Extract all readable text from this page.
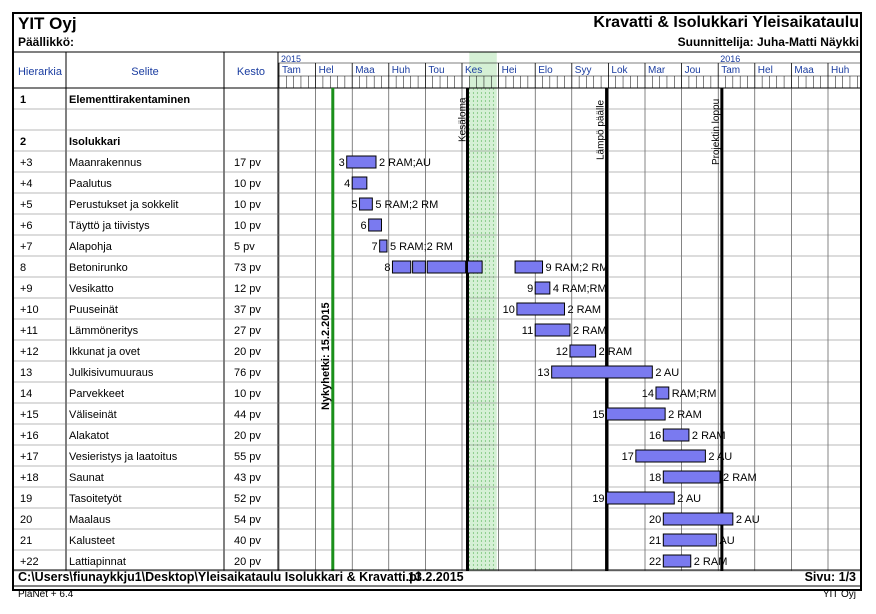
YIT Oyj
Päällikkö:
Kravatti & Isolukkari Yleisaikataulu
Suunnittelija: Juha-Matti Näykki
Hierarkia	Selite	Kesto
2015	2016
Tam Hel Maa Huh Tou Kes Hei Elo Syy Lok Mar Jou Tam Hel Maa Huh
1	Elementtirakentaminen
2	Isolukkari
+3	Maanrakennus	17 pv
+4	Paalutus	10 pv
+5	Perustukset ja sokkelit	10 pv
+6	Täyttö ja tiivistys	10 pv
+7	Alapohja	5 pv
8	Betonirunko	73 pv
+9	Vesikatto	12 pv
+10	Puuseinät	37 pv
+11	Lämmöneritys	27 pv
+12	Ikkunat ja ovet	20 pv
13	Julkisivumuuraus	76 pv
14	Parvekkeet	10 pv
+15	Väliseinät	44 pv
+16	Alakatot	20 pv
+17	Vesieristys ja laatoitus	55 pv
+18	Saunat	43 pv
19	Tasoitetyöt	52 pv
20	Maalaus	54 pv
21	Kalusteet	40 pv
+22	Lattiapinnat	20 pv
Nykyhetki: 15.2.2015
Kesäloma	Lämpö päälle	Projektin loppu
3	2 RAM;AU
4
5 5 RAM;2 RM
6
7 5 RAM;2 RM
8	9 RAM;2 RM
9 4 RAM;RM
10	2 RAM
11	2 RAM
12	2 RAM
13	2 AU
14 RAM;RM
15	2 RAM
16	2 RAM
17	2 AU
18	2 RAM
19	2 AU
20	2 AU
21	AU
22	2 RAM
C:\Users\fiunaykkju1\Desktop\Yleisaikataulu Isolukkari & Kravatti.pl
13.2.2015	Sivu: 1/3
PlaNet + 6.4	YIT Oyj
